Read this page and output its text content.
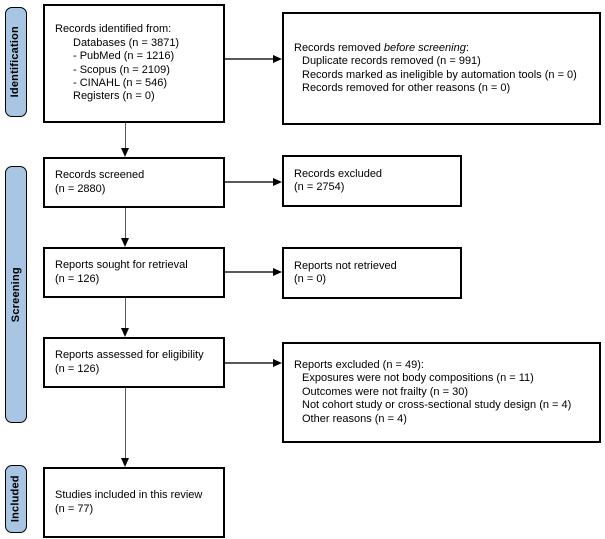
Identification
Screening
Included
Records identified from:
Databases (n = 3871)
- PubMed (n = 1216)
- Scopus (n = 2109)
- CINAHL (n = 546)
Registers (n = 0)
Records removed before screening:
Duplicate records removed (n = 991)
Records marked as ineligible by automation tools (n = 0)
Records removed for other reasons (n = 0)
Records screened
(n = 2880)
Records excluded
(n = 2754)
Reports sought for retrieval
(n = 126)
Reports not retrieved
(n = 0)
Reports assessed for eligibility
(n = 126)	Reports excluded (n = 49):
Exposures were not body compositions (n = 11)
Outcomes were not frailty (n = 30)
Not cohort study or cross-sectional study design (n = 4)
Other reasons (n = 4)
Studies included in this review
(n = 77)
